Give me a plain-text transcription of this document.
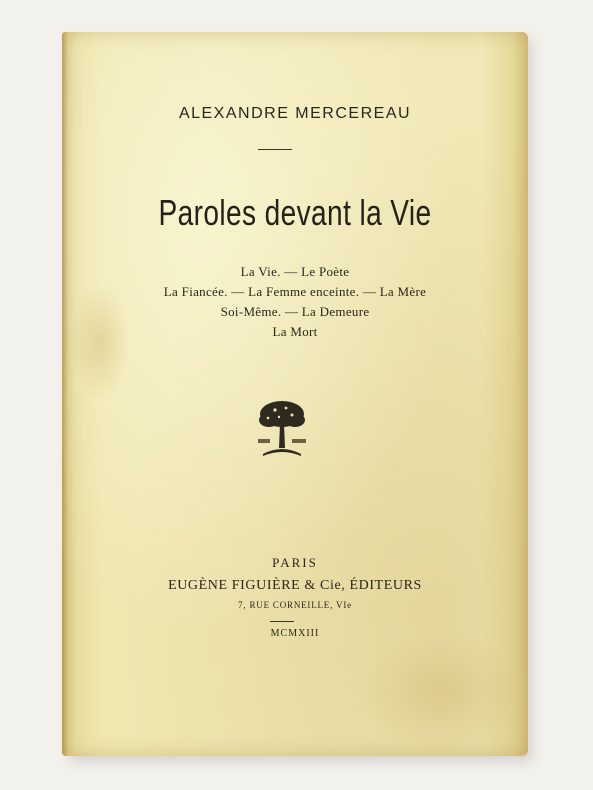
ALEXANDRE MERCEREAU
Paroles devant la Vie
La Vie. — Le Poète
La Fiancée. — La Femme enceinte. — La Mère
Soi-Même. — La Demeure
La Mort
PARIS
EUGÈNE FIGUIÈRE & Cie, ÉDITEURS
7, RUE CORNEILLE, VIe
MCMXIII
